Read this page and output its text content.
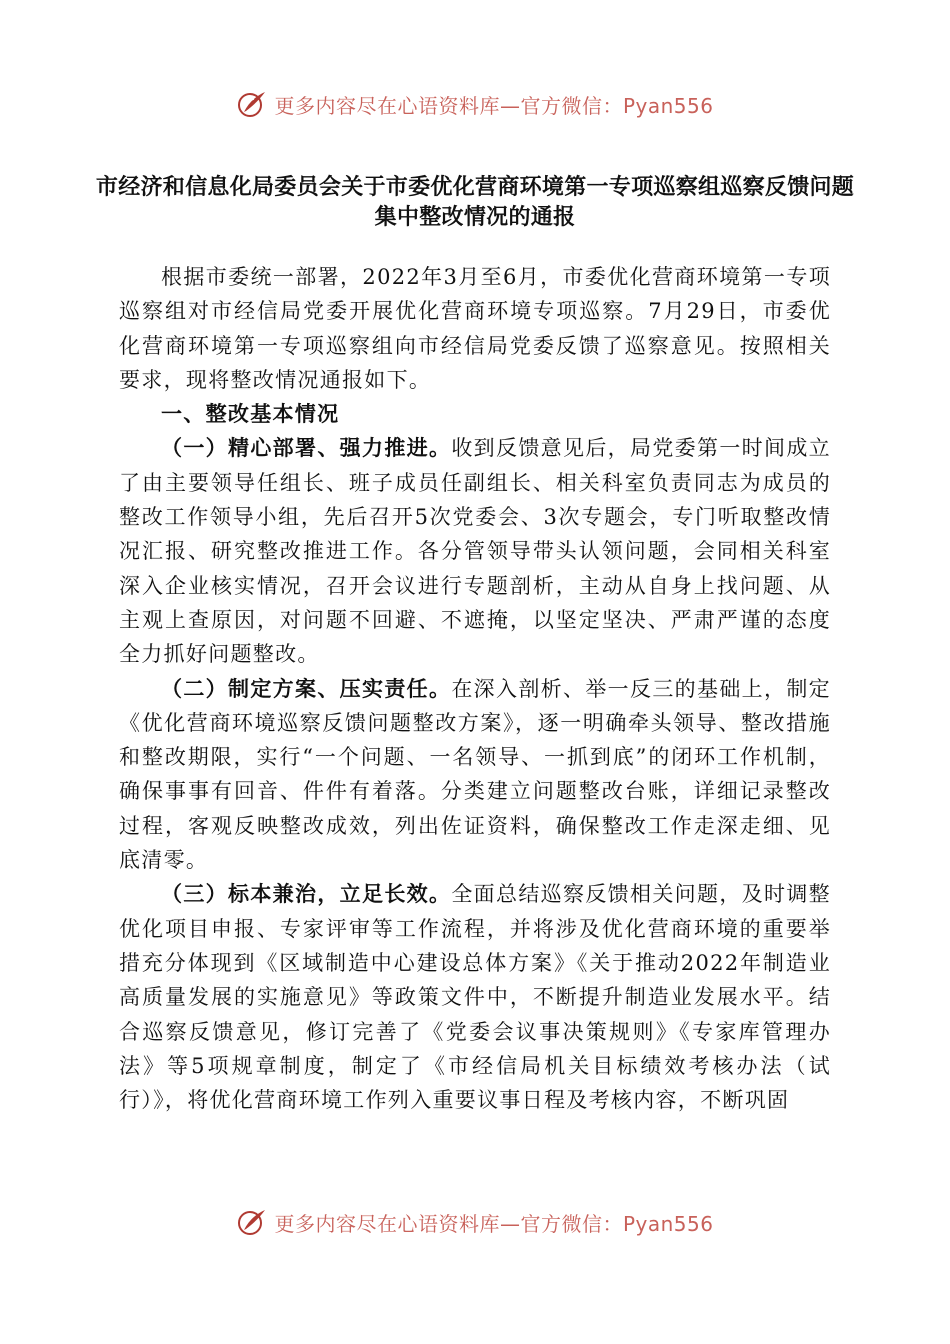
更多内容尽在心语资料库—官方微信：Pyan556
市经济和信息化局委员会关于市委优化营商环境第一专项巡察组巡察反馈问题集中整改情况的通报

根据市委统一部署，2022年3月至6月，市委优化营商环境第一专项巡察组对市经信局党委开展优化营商环境专项巡察。7月29日，市委优化营商环境第一专项巡察组向市经信局党委反馈了巡察意见。按照相关要求，现将整改情况通报如下。

一、整改基本情况

（一）精心部署、强力推进。收到反馈意见后，局党委第一时间成立了由主要领导任组长、班子成员任副组长、相关科室负责同志为成员的整改工作领导小组，先后召开5次党委会、3次专题会，专门听取整改情况汇报、研究整改推进工作。各分管领导带头认领问题，会同相关科室深入企业核实情况，召开会议进行专题剖析，主动从自身上找问题、从主观上查原因，对问题不回避、不遮掩，以坚定坚决、严肃严谨的态度全力抓好问题整改。

（二）制定方案、压实责任。在深入剖析、举一反三的基础上，制定《优化营商环境巡察反馈问题整改方案》，逐一明确牵头领导、整改措施和整改期限，实行“一个问题、一名领导、一抓到底”的闭环工作机制，确保事事有回音、件件有着落。分类建立问题整改台账，详细记录整改过程，客观反映整改成效，列出佐证资料，确保整改工作走深走细、见底清零。

（三）标本兼治，立足长效。全面总结巡察反馈相关问题，及时调整优化项目申报、专家评审等工作流程，并将涉及优化营商环境的重要举措充分体现到《区域制造中心建设总体方案》《关于推动2022年制造业高质量发展的实施意见》等政策文件中，不断提升制造业发展水平。结合巡察反馈意见，修订完善了《党委会议事决策规则》《专家库管理办法》等5项规章制度，制定了《市经信局机关目标绩效考核办法（试行）》，将优化营商环境工作列入重要议事日程及考核内容，不断巩固

更多内容尽在心语资料库—官方微信：Pyan556
